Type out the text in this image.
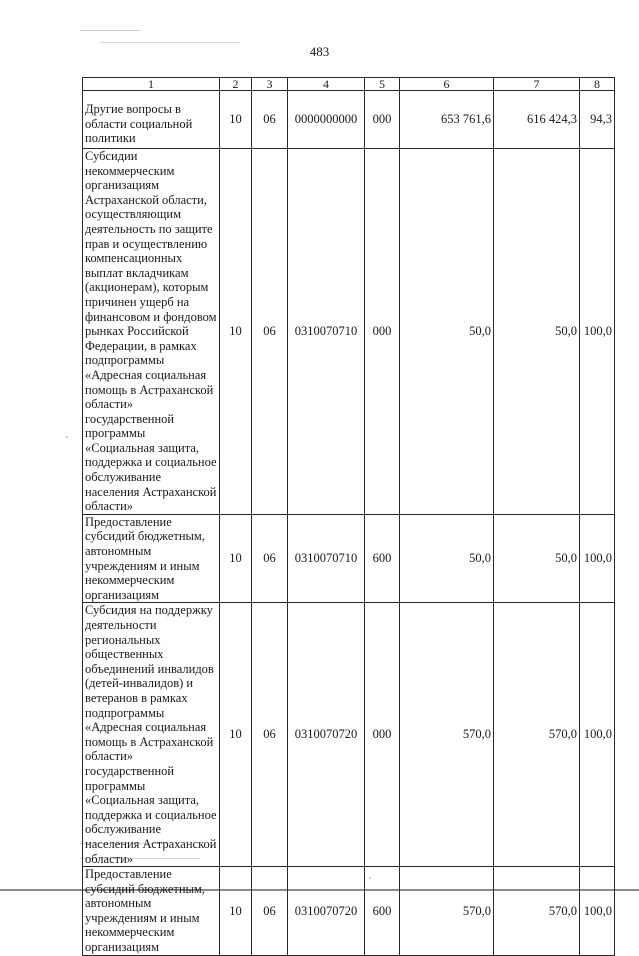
483
1	2	3	4	5	6	7	8
Другие вопросы в области социальной политики	10	06	0000000000	000	653 761,6	616 424,3	94,3
Субсидии некоммерческим организациям Астраханской области, осуществляющим деятельность по защите прав и осуществлению компенсационных выплат вкладчикам (акционерам), которым причинен ущерб на финансовом и фондовом рынках Российской Федерации, в рамках подпрограммы «Адресная социальная помощь в Астраханской области» государственной программы «Социальная защита, поддержка и социальное обслуживание населения Астраханской области»	10	06	0310070710	000	50,0	50,0	100,0
Предоставление субсидий бюджетным, автономным учреждениям и иным некоммерческим организациям	10	06	0310070710	600	50,0	50,0	100,0
Субсидия на поддержку деятельности региональных общественных объединений инвалидов (детей-инвалидов) и ветеранов в рамках подпрограммы «Адресная социальная помощь в Астраханской области» государственной программы «Социальная защита, поддержка и социальное обслуживание населения Астраханской области»	10	06	0310070720	000	570,0	570,0	100,0
Предоставление субсидий бюджетным, автономным учреждениям и иным некоммерческим организациям	10	06	0310070720	600	570,0	570,0	100,0
